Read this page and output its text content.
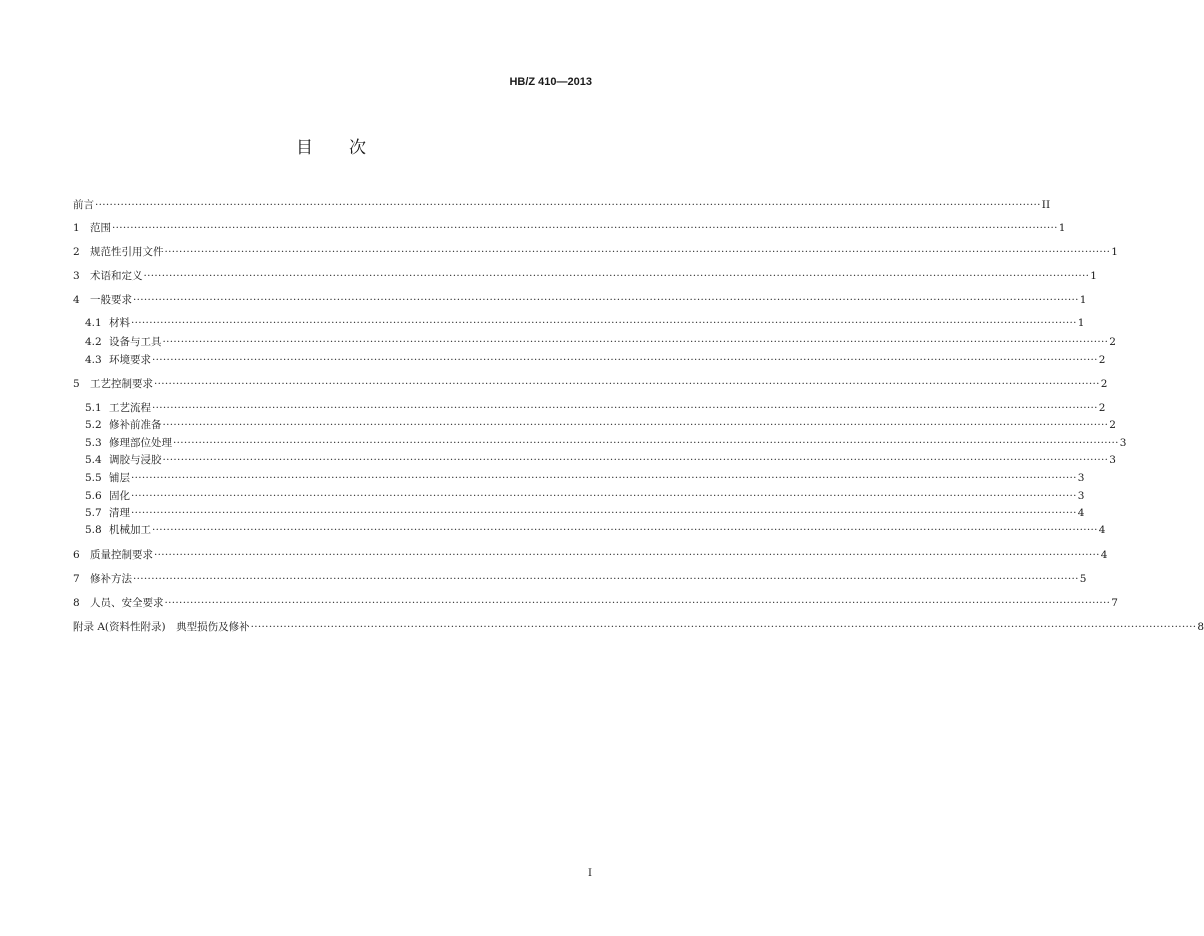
HB/Z 410—2013
目次
前言 ···································································································································································································································································· II
1 范围 ···································································································································································································································································· 1
2 规范性引用文件 ···································································································································································································································································· 1
3 术语和定义 ···································································································································································································································································· 1
4 一般要求 ···································································································································································································································································· 1
4.1 材料 ···································································································································································································································································· 1
4.2 设备与工具 ···································································································································································································································································· 2
4.3 环境要求 ···································································································································································································································································· 2
5 工艺控制要求 ···································································································································································································································································· 2
5.1 工艺流程 ···································································································································································································································································· 2
5.2 修补前准备 ···································································································································································································································································· 2
5.3 修理部位处理 ···································································································································································································································································· 3
5.4 调胶与浸胶 ···································································································································································································································································· 3
5.5 铺层 ···································································································································································································································································· 3
5.6 固化 ···································································································································································································································································· 3
5.7 清理 ···································································································································································································································································· 4
5.8 机械加工 ···································································································································································································································································· 4
6 质量控制要求 ···································································································································································································································································· 4
7 修补方法 ···································································································································································································································································· 5
8 人员、安全要求 ···································································································································································································································································· 7
附录 A(资料性附录)　典型损伤及修补 ···································································································································································································································································· 8
I
